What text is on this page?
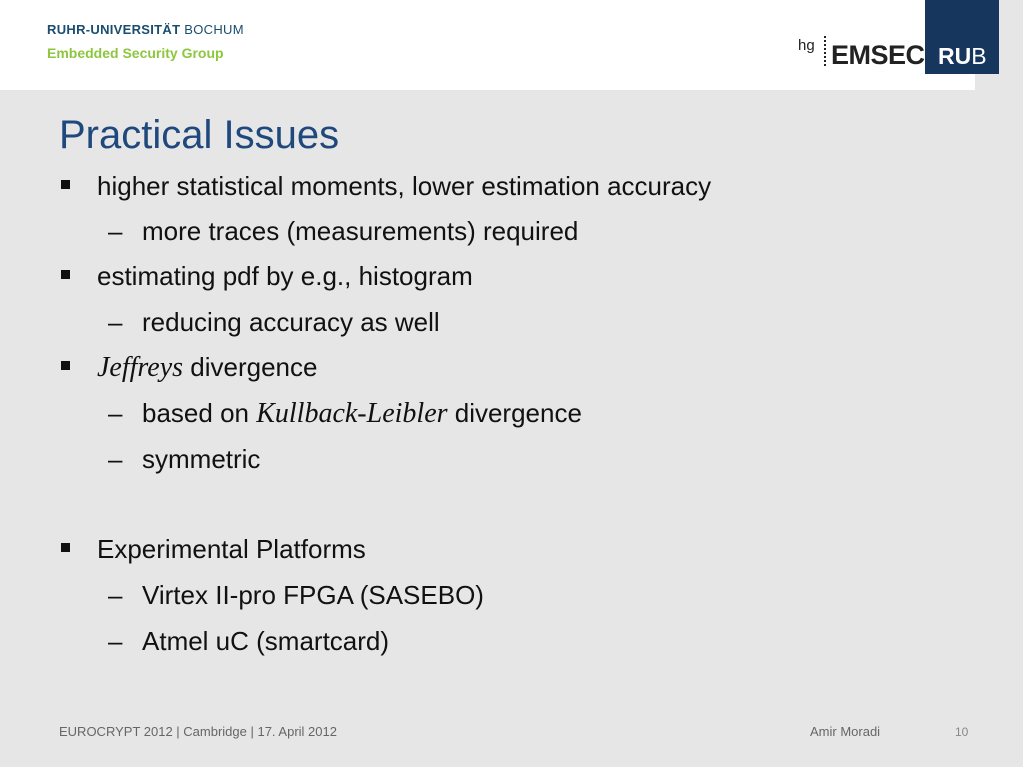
RUHR-UNIVERSITÄT BOCHUM
Embedded Security Group	hg EMSEC RUB
Practical Issues
higher statistical moments, lower estimation accuracy
– more traces (measurements) required
estimating pdf by e.g., histogram
– reducing accuracy as well
Jeffreys divergence
– based on Kullback-Leibler divergence
– symmetric
Experimental Platforms
– Virtex II-pro FPGA (SASEBO)
– Atmel uC (smartcard)
EUROCRYPT 2012 | Cambridge | 17. April 2012	Amir Moradi	10
